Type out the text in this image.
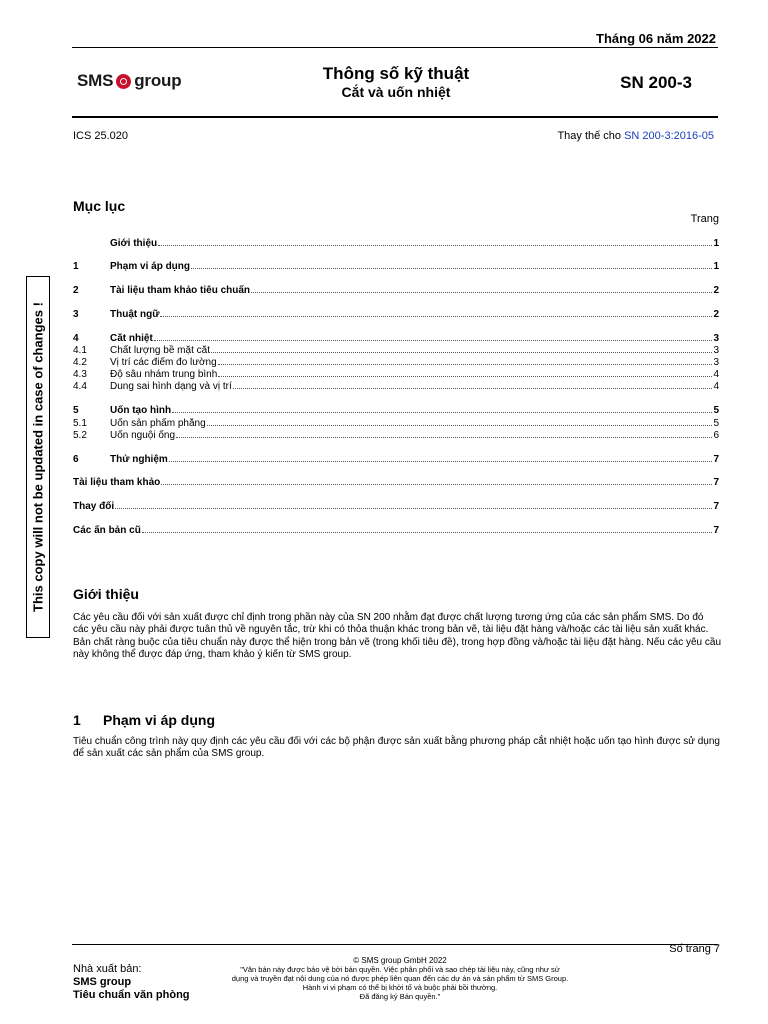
Tháng 06 năm 2022
SMS group	Thông số kỹ thuật
Cắt và uốn nhiệt	SN 200-3
ICS 25.020	Thay thế cho SN 200-3:2016-05
This copy will not be updated in case of changes !
Mục lục
Trang
Giới thiệu	1
1	Phạm vi áp dụng	1
2	Tài liệu tham khảo tiêu chuẩn	2
3	Thuật ngữ	2
4	Cắt nhiệt	3
4.1	Chất lượng bề mặt cắt	3
4.2	Vị trí các điểm đo lường	3
4.3	Độ sâu nhám trung bình	4
4.4	Dung sai hình dạng và vị trí	4
5	Uốn tạo hình	5
5.1	Uốn sản phẩm phẳng	5
5.2	Uốn nguội ống	6
6	Thử nghiệm	7
Tài liệu tham khảo	7
Thay đổi	7
Các ấn bản cũ	7
Giới thiệu
Các yêu cầu đối với sản xuất được chỉ định trong phần này của SN 200 nhằm đạt được chất lượng tương ứng của các sản phẩm SMS. Do đó các yêu cầu này phải được tuân thủ về nguyên tắc, trừ khi có thỏa thuận khác trong bản vẽ, tài liệu đặt hàng và/hoặc các tài liệu sản xuất khác. Bản chất ràng buộc của tiêu chuẩn này được thể hiện trong bản vẽ (trong khối tiêu đề), trong hợp đồng và/hoặc tài liệu đặt hàng. Nếu các yêu cầu này không thể được đáp ứng, tham khảo ý kiến từ SMS group.
1 Phạm vi áp dụng
Tiêu chuẩn công trình này quy định các yêu cầu đối với các bộ phận được sản xuất bằng phương pháp cắt nhiệt hoặc uốn tạo hình được sử dụng để sản xuất các sản phẩm của SMS group.
Số trang 7
Nhà xuất bản:
SMS group
Tiêu chuẩn văn phòng
© SMS group GmbH 2022
"Văn bản này được bảo vệ bởi bản quyền. Việc phân phối và sao chép tài liệu này, cũng như sử
dụng và truyền đạt nội dung của nó được phép liên quan đến các dự án và sản phẩm từ SMS Group.
Hành vi vi phạm có thể bị khởi tố và buộc phải bồi thường.
Đã đăng ký Bản quyền."
